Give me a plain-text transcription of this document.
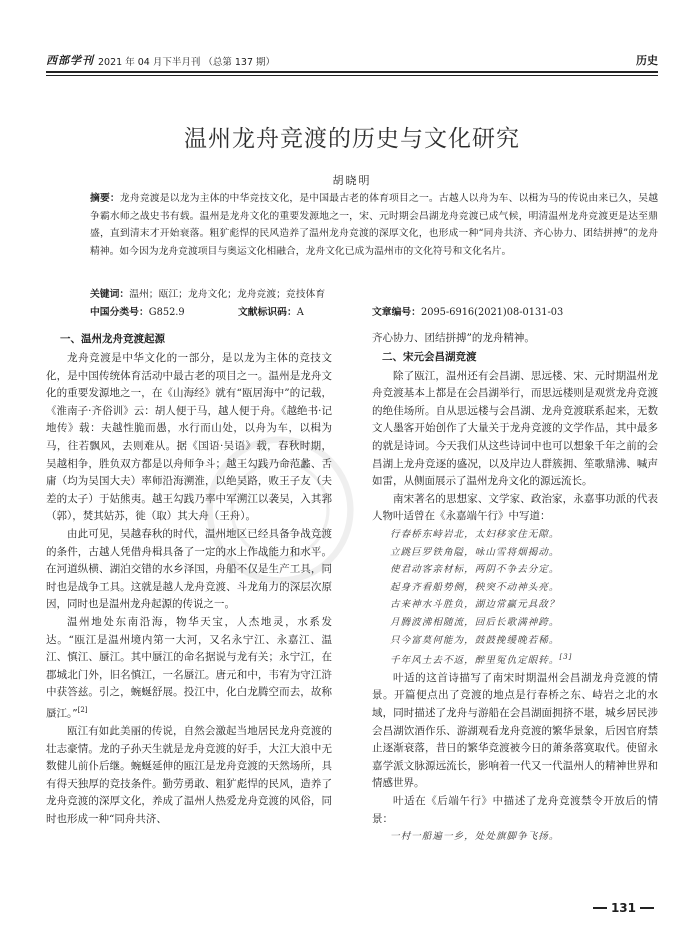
西部学刊 2021 年 04 月下半月刊 （总第 137 期）	历史
温州龙舟竞渡的历史与文化研究
胡晓明
摘要：龙舟竞渡是以龙为主体的中华竞技文化，是中国最古老的体育项目之一。古越人以舟为车、以楫为马的传说由来已久，吴越争霸水师之战史书有载。温州是龙舟文化的重要发源地之一，宋、元时期会昌湖龙舟竞渡已成气候，明清温州龙舟竞渡更是达至鼎盛，直到清末才开始衰落。粗犷彪悍的民风造养了温州龙舟竞渡的深厚文化，也形成一种“同舟共济、齐心协力、团结拼搏”的龙舟精神。如今因为龙舟竞渡项目与奥运文化相融合，龙舟文化已成为温州市的文化符号和文化名片。
关键词：温州；瓯江；龙舟文化；龙舟竞渡；竞技体育
中国分类号：G852.9	文献标识码：A	文章编号：2095-6916(2021)08-0131-03
一、温州龙舟竞渡起源

龙舟竞渡是中华文化的一部分，是以龙为主体的竞技文化，是中国传统体育活动中最古老的项目之一。温州是龙舟文化的重要发源地之一，在《山海经》就有“瓯居海中”的记载，《淮南子·齐俗训》云：胡人便于马，越人便于舟。《越绝书·记地传》载：夫越性脆而愚，水行而山处，以舟为车，以楫为马，往若飘风，去则难从。据《国语·吴语》载，春秋时期，吴越相争，胜负双方都是以舟师争斗；越王勾践乃命范蠡、舌庸（均为吴国大夫）率师沿海溯淮，以绝吴路，败王子友（夫差的太子）于姑熊夷。越王勾践乃率中军溯江以袭吴，入其郛（郭），焚其姑苏，徙（取）其大舟（王舟）。

由此可见，吴越春秋的时代，温州地区已经具备争战竞渡的条件，古越人凭借舟楫具备了一定的水上作战能力和水平。在河道纵横、湖泊交错的水乡泽国，舟船不仅是生产工具，同时也是战争工具。这就是越人龙舟竞渡、斗龙角力的深层次原因，同时也是温州龙舟起源的传说之一。

温州地处东南沿海，物华天宝，人杰地灵，水系发达。“瓯江是温州境内第一大河，又名永宁江、永嘉江、温江、慎江、蜃江。其中蜃江的命名据说与龙有关；永宁江，在郡城北门外，旧名慎江，一名蜃江。唐元和中，韦宥为守江浒中获答兹。引之，蜿蜒舒展。投江中，化白龙腾空而去，故称蜃江。”[2]

瓯江有如此美丽的传说，自然会激起当地居民龙舟竞渡的壮志豪情。龙的子孙天生就是龙舟竞渡的好手，大江大浪中无数健儿前仆后继。蜿蜒延伸的瓯江是龙舟竞渡的天然场所，具有得天独厚的竞技条件。勤劳勇敢、粗犷彪悍的民风，造养了龙舟竞渡的深厚文化，养成了温州人热爱龙舟竞渡的风俗，同时也形成一种“同舟共济、

齐心协力、团结拼搏”的龙舟精神。

二、宋元会昌湖竞渡

除了瓯江，温州还有会昌湖、思远楼、宋、元时期温州龙舟竞渡基本上都是在会昌湖举行，而思远楼则是观赏龙舟竞渡的绝佳场所。自从思远楼与会昌湖、龙舟竞渡联系起来，无数文人墨客开始创作了大量关于龙舟竞渡的文学作品，其中最多的就是诗词。今天我们从这些诗词中也可以想象千年之前的会昌湖上龙舟竞逐的盛况，以及岸边人群簇拥、笙歌鼎沸、喊声如雷，从侧面展示了温州龙舟文化的源远流长。

南宋著名的思想家、文学家、政治家，永嘉事功派的代表人物叶适曾在《永嘉端午行》中写道：

行春桥东峙岩北，太妇移家住无隙。
立跳巨罗铁角隘，咏山雪将烟揭动。
使君动客亲材标，两阴不争去分定。
起身齐看船势侧，秧突不动神头亮。
古来神水斗胜负，湖边常赢元具敌？
月腾波沸相随流，回后长歌满神跨。
只今富莫何能为，鼓鼓挽缓晚若稀。
千年风土去不返，醉里冤仇定眼转。[3]

叶适的这首诗描写了南宋时期温州会昌湖龙舟竞渡的情景。开篇便点出了竞渡的地点是行春桥之东、峙岩之北的水域，同时描述了龙舟与游船在会昌湖面拥挤不堪，城乡居民涉会昌湖饮酒作乐、游湖观看龙舟竞渡的繁华景象，后因官府禁止逐渐衰落，昔日的繁华竞渡被今日的萧条落寞取代。使留永嘉学派文脉源远流长，影响着一代又一代温州人的精神世界和情感世界。

叶适在《后端午行》中描述了龙舟竞渡禁令开放后的情景：

一村一船遍一乡，处处旗脚争飞扬。
131
